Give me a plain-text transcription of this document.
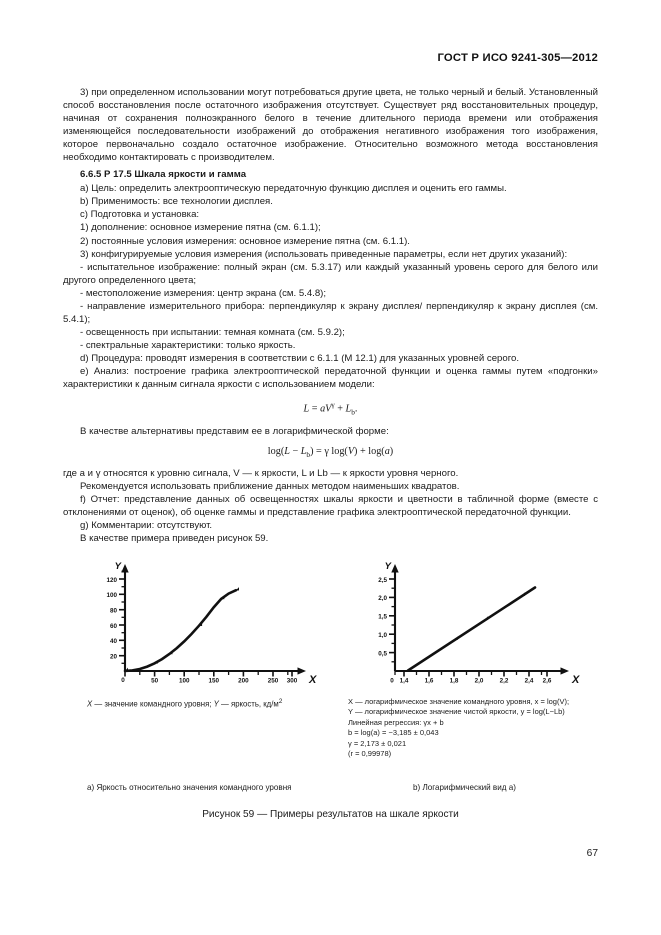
ГОСТ Р ИСО 9241-305—2012

3) при определенном использовании могут потребоваться другие цвета, не только черный и белый. Установленный способ восстановления после остаточного изображения отсутствует. Существует ряд восстановительных процедур, начиная от сохранения полноэкранного белого в течение длительного периода времени или отображения изменяющейся последовательности изображений до отображения негативного изображения того изображения, которое первоначально создало остаточное изображение. Относительно возможного метода восстановления необходимо контактировать с производителем.

6.6.5 Р 17.5 Шкала яркости и гамма

а) Цель: определить электрооптическую передаточную функцию дисплея и оценить его гаммы.

b) Применимость: все технологии дисплея.

с) Подготовка и установка:

1) дополнение: основное измерение пятна (см. 6.1.1);

2) постоянные условия измерения: основное измерение пятна (см. 6.1.1).

3) конфигурируемые условия измерения (использовать приведенные параметры, если нет других указаний):

- испытательное изображение: полный экран (см. 5.3.17) или каждый указанный уровень серого для белого или другого определенного цвета;

- местоположение измерения: центр экрана (см. 5.4.8);

- направление измерительного прибора: перпендикуляр к экрану дисплея/ перпендикуляр к экрану дисплея (см. 5.4.1);

- освещенность при испытании: темная комната (см. 5.9.2);

- спектральные характеристики: только яркость.

d) Процедура: проводят измерения в соответствии с 6.1.1 (М 12.1) для указанных уровней серого.

е) Анализ: построение графика электрооптической передаточной функции и оценка гаммы путем «подгонки» характеристики к данным сигнала яркости с использованием модели:

$L = aV^\gamma + L_b$.

В качестве альтернативы представим ее в логарифмической форме:

$\log(L - L_b) = \gamma$ log(V) + log(a)

где а и γ относятся к уровню сигнала, V — к яркости, L и Lb — к яркости уровня черного.

Рекомендуется использовать приближение данных методом наименьших квадратов.

f) Отчет: представление данных об освещенностях шкалы яркости и цветности в табличной форме (вместе с отклонениями от оценок), об оценке гаммы и представление графика электрооптической передаточной функции.

g) Комментарии: отсутствуют.

В качестве примера приведен рисунок 59.

Y
X
20
40
60
80
100
120
0	50	100	150	200	250 300
Y
X
0,5
1,0
1,5
2,0
2,5
0 1,4	1,6	1,8	2,0	2,2	2,4 2,6
X — значение командного уровня; Y — яркость, $кд/м^2$	X — логарифмическое значение командного уровня, x = log(V);
Y — логарифмическое значение чистой яркости, y = log(L−Lb)
Линейная регрессия: γx + b
b = log(a) = −3,185 ± 0,043
γ = 2,173 ± 0,021
(r = 0,99978)
a) Яркость относительно значения командного уровня	b) Логарифмический вид a)
Рисунок 59 — Примеры результатов на шкале яркости
67
